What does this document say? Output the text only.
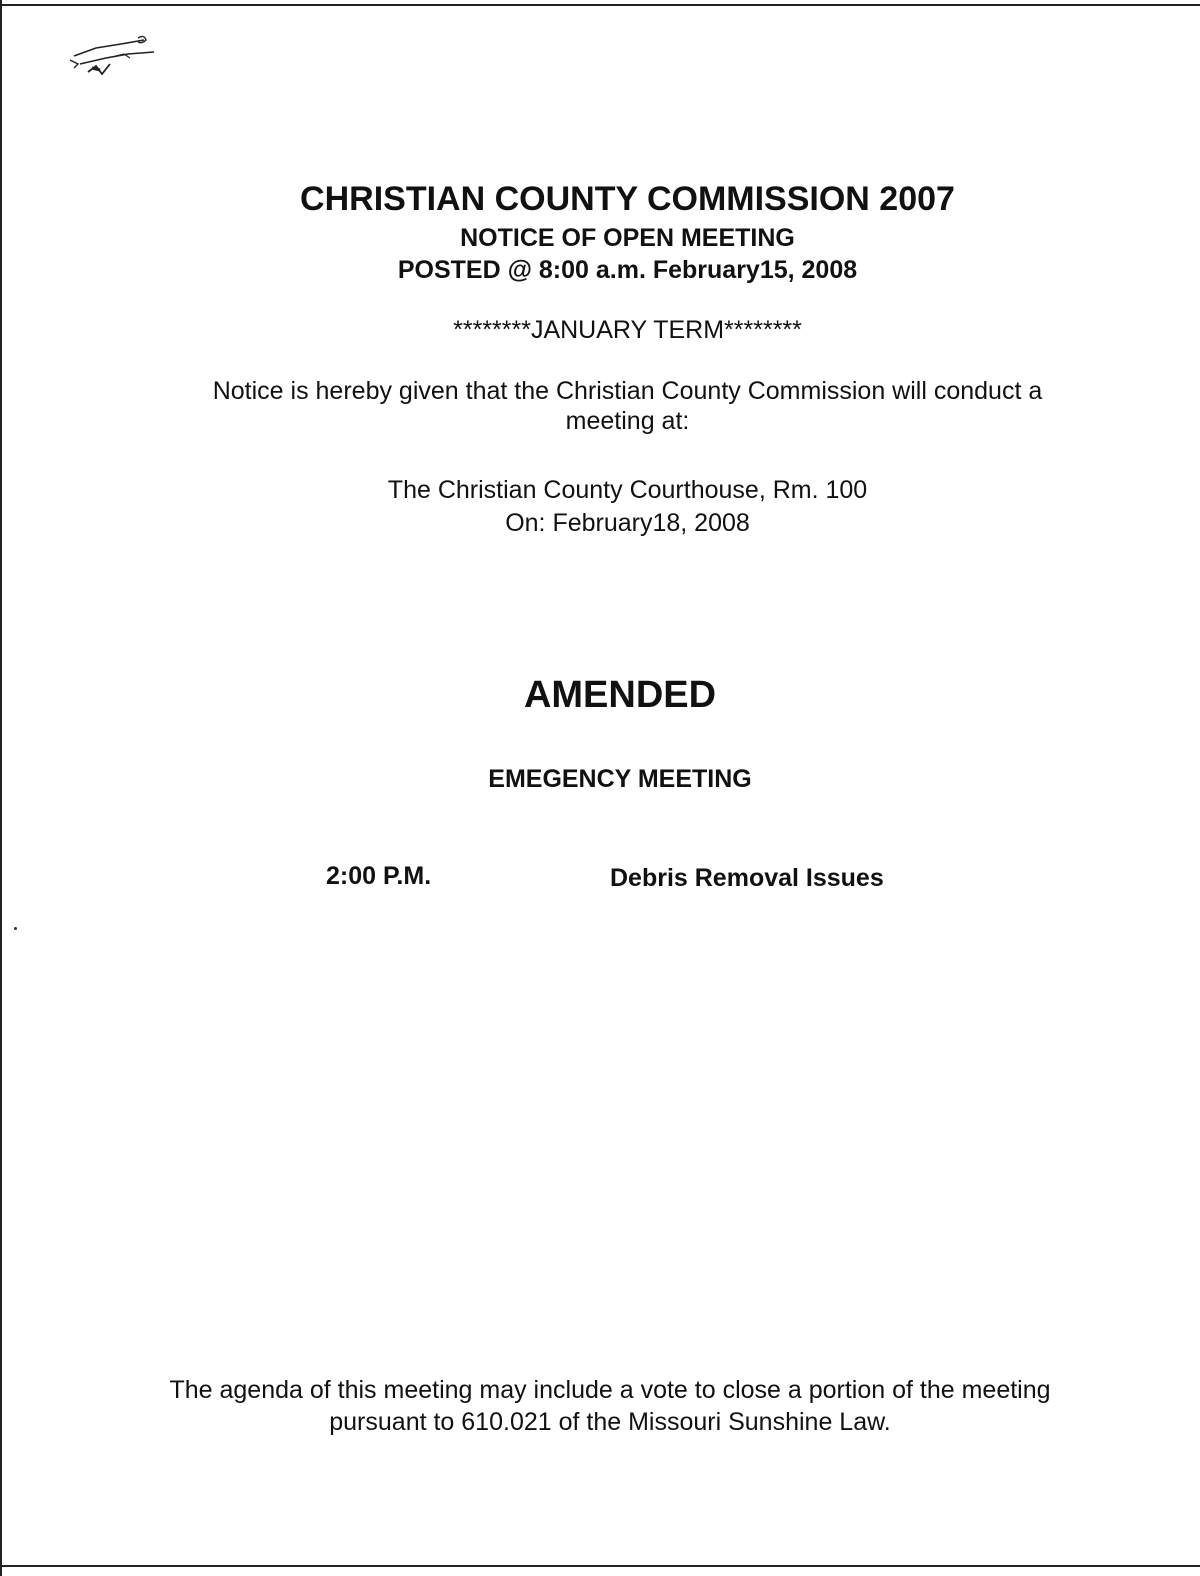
CHRISTIAN COUNTY COMMISSION 2007
NOTICE OF OPEN MEETING
POSTED @ 8:00 a.m. February15, 2008
********JANUARY TERM********
Notice is hereby given that the Christian County Commission will conduct a
meeting at:
The Christian County Courthouse, Rm. 100
On: February18, 2008
AMENDED
EMEGENCY MEETING
2:00 P.M.	Debris Removal Issues
The agenda of this meeting may include a vote to close a portion of the meeting
pursuant to 610.021 of the Missouri Sunshine Law.
